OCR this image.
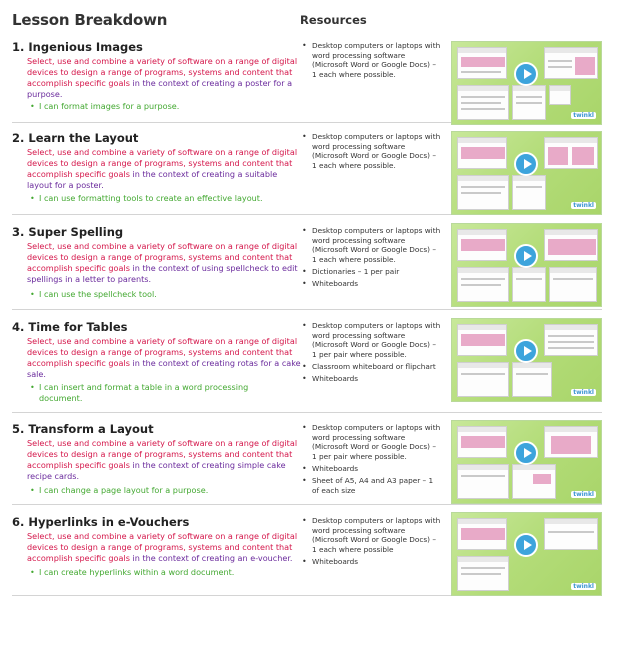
Lesson Breakdown	Resources
1. Ingenious Images
Select, use and combine a variety of software on a range of digital devices to design a range of programs, systems and content that accomplish specific goals in the context of creating a poster for a purpose.
• I can format images for a purpose.
• Desktop computers or laptops with word processing software (Microsoft Word or Google Docs) – 1 each where possible.
twinkl
2. Learn the Layout
Select, use and combine a variety of software on a range of digital devices to design a range of programs, systems and content that accomplish specific goals in the context of creating a suitable layout for a poster.
• I can use formatting tools to create an effective layout.
• Desktop computers or laptops with word processing software (Microsoft Word or Google Docs) – 1 each where possible.
twinkl
3. Super Spelling
Select, use and combine a variety of software on a range of digital devices to design a range of programs, systems and content that accomplish specific goals in the context of using spellcheck to edit spellings in a letter to parents.
• I can use the spellcheck tool.
• Desktop computers or laptops with word processing software (Microsoft Word or Google Docs) – 1 each where possible.
• Dictionaries – 1 per pair
• Whiteboards
4. Time for Tables
Select, use and combine a variety of software on a range of digital devices to design a range of programs, systems and content that accomplish specific goals in the context of creating rotas for a cake sale.
• I can insert and format a table in a word processing document.
• Desktop computers or laptops with word processing software (Microsoft Word or Google Docs) – 1 per pair where possible.
• Classroom whiteboard or flipchart
• Whiteboards
twinkl
5. Transform a Layout
Select, use and combine a variety of software on a range of digital devices to design a range of programs, systems and content that accomplish specific goals in the context of creating simple cake recipe cards.
• I can change a page layout for a purpose.
• Desktop computers or laptops with word processing software (Microsoft Word or Google Docs) – 1 per pair where possible.
• Whiteboards
• Sheet of A5, A4 and A3 paper – 1 of each size	twinkl
6. Hyperlinks in e-Vouchers
Select, use and combine a variety of software on a range of digital devices to design a range of programs, systems and content that accomplish specific goals in the context of creating an e-voucher.
• I can create hyperlinks within a word document.
• Desktop computers or laptops with word processing software (Microsoft Word or Google Docs) – 1 each where possible
• Whiteboards
twinkl
